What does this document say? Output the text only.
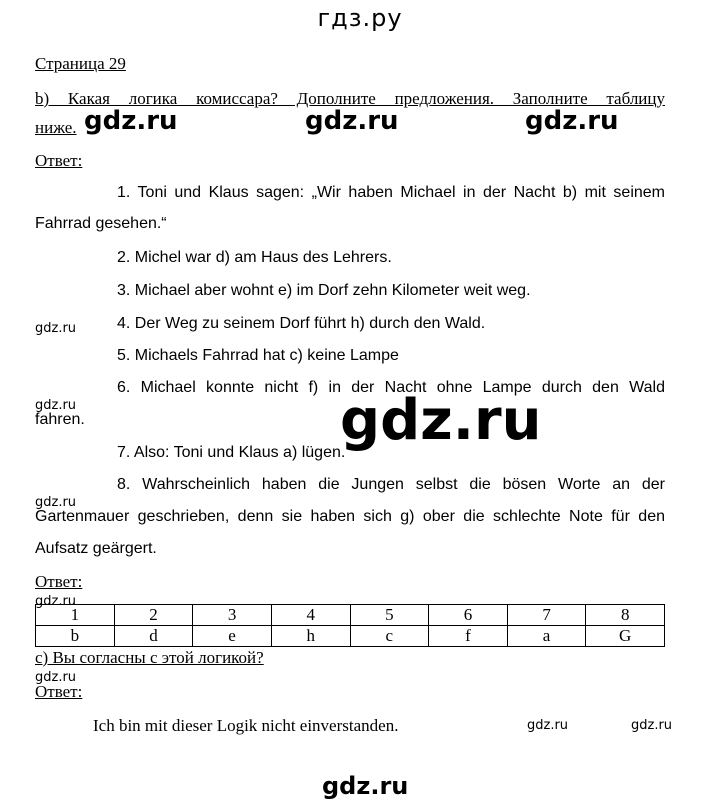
гдз.ру
Страница 29
b) Какая логика комиссара? Дополните предложения. Заполните таблицу
ниже.
Ответ:
1. Toni und Klaus sagen: „Wir haben Michael in der Nacht b) mit seinem
Fahrrad gesehen.“
2. Michel war d) am Haus des Lehrers.
3. Michael aber wohnt e) im Dorf zehn Kilometer weit weg.
4. Der Weg zu seinem Dorf führt h) durch den Wald.
5. Michaels Fahrrad hat c) keine Lampe
6. Michael konnte nicht f) in der Nacht ohne Lampe durch den Wald
fahren.
7. Also: Toni und Klaus a) lügen.
8. Wahrscheinlich haben die Jungen selbst die bösen Worte an der
Gartenmauer geschrieben, denn sie haben sich g) ober die schlechte Note für den
Aufsatz geärgert.
Ответ:
1	2	3	4	5	6	7	8
b	d	e	h	c	f	a	G
c) Вы согласны с этой логикой?
Ответ:
Ich bin mit dieser Logik nicht einverstanden.
gdz.ru	gdz.ru	gdz.ru
gdz.ru
gdz.ru	gdz.ru
gdz.ru
gdz.ru
gdz.ru
gdz.ru	gdz.ru
gdz.ru
